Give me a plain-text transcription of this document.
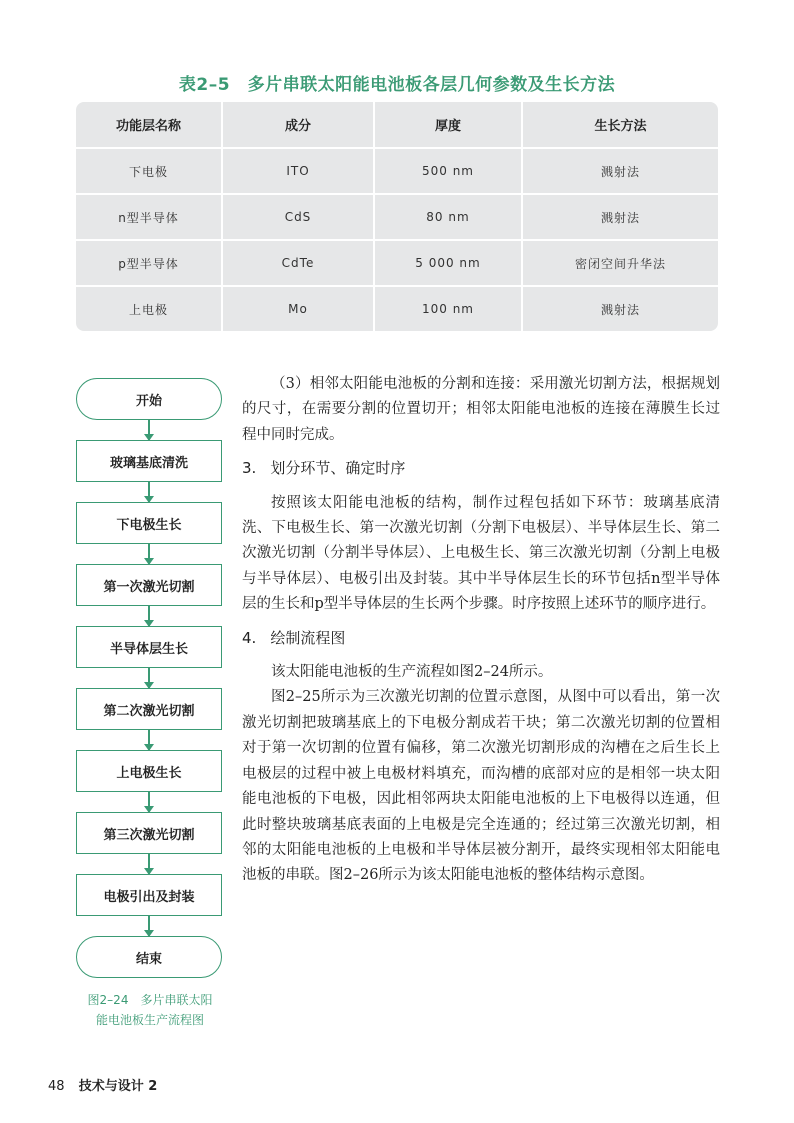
表2–5　多片串联太阳能电池板各层几何参数及生长方法
功能层名称	成分	厚度	生长方法
下电极	ITO	500 nm	溅射法
n型半导体	CdS	80 nm	溅射法
p型半导体	CdTe	5 000 nm	密闭空间升华法
上电极	Mo	100 nm	溅射法
开始
玻璃基底清洗
下电极生长
第一次激光切割
半导体层生长
第二次激光切割
上电极生长
第三次激光切割
电极引出及封装
结束
图2–24　多片串联太阳
能电池板生产流程图

（3）相邻太阳能电池板的分割和连接：采用激光切割方法，根据规划的尺寸，在需要分割的位置切开；相邻太阳能电池板的连接在薄膜生长过程中同时完成。

3. 划分环节、确定时序

按照该太阳能电池板的结构，制作过程包括如下环节：玻璃基底清洗、下电极生长、第一次激光切割（分割下电极层）、半导体层生长、第二次激光切割（分割半导体层）、上电极生长、第三次激光切割（分割上电极与半导体层）、电极引出及封装。其中半导体层生长的环节包括n型半导体层的生长和p型半导体层的生长两个步骤。时序按照上述环节的顺序进行。

4. 绘制流程图

该太阳能电池板的生产流程如图2–24所示。

图2–25所示为三次激光切割的位置示意图，从图中可以看出，第一次激光切割把玻璃基底上的下电极分割成若干块；第二次激光切割的位置相对于第一次切割的位置有偏移，第二次激光切割形成的沟槽在之后生长上电极层的过程中被上电极材料填充，而沟槽的底部对应的是相邻一块太阳能电池板的下电极，因此相邻两块太阳能电池板的上下电极得以连通，但此时整块玻璃基底表面的上电极是完全连通的；经过第三次激光切割，相邻的太阳能电池板的上电极和半导体层被分割开，最终实现相邻太阳能电池板的串联。图2–26所示为该太阳能电池板的整体结构示意图。

48 技术与设计 2
